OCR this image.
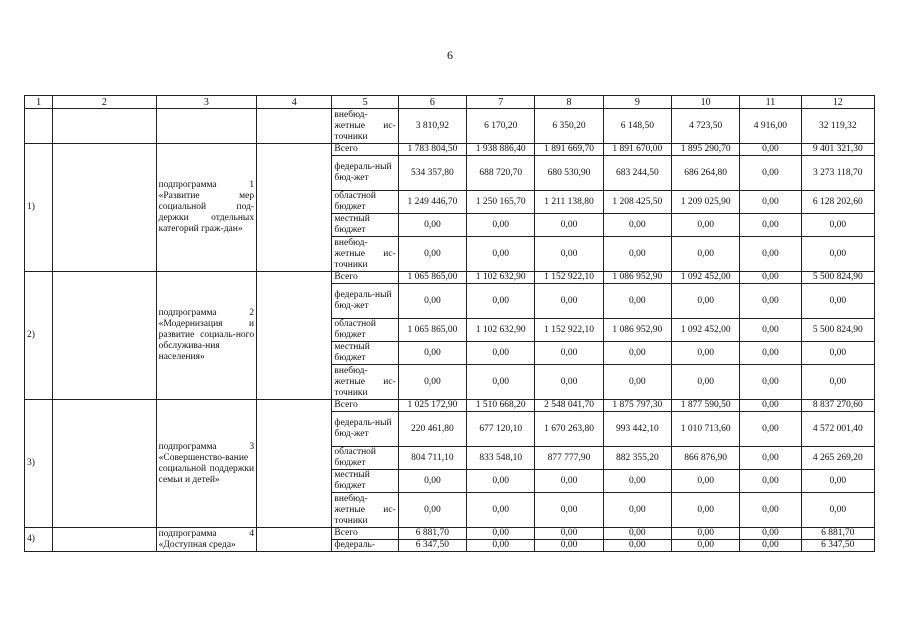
6
1	2	3	4	5	6	7	8	9	10	11	12
				внебюд-жетные ис-точники	3 810,92	6 170,20	6 350,20	6 148,50	4 723,50	4 916,00	32 119,32
1)		подпрограмма 1 «Развитие мер социальной под-держки отдельных категорий граж-дан»		Всего	1 783 804,50	1 938 886,40	1 891 669,70	1 891 670,00	1 895 290,70	0,00	9 401 321,30
				федераль-ный бюд-жет	534 357,80	688 720,70	680 530,90	683 244,50	686 264,80	0,00	3 273 118,70
				областной бюджет	1 249 446,70	1 250 165,70	1 211 138,80	1 208 425,50	1 209 025,90	0,00	6 128 202,60
				местный бюджет	0,00	0,00	0,00	0,00	0,00	0,00	0,00
				внебюд-жетные ис-точники	0,00	0,00	0,00	0,00	0,00	0,00	0,00
2)		подпрограмма 2 «Модернизация и развитие социаль-ного обслужива-ния населения»		Всего	1 065 865,00	1 102 632,90	1 152 922,10	1 086 952,90	1 092 452,00	0,00	5 500 824,90
				федераль-ный бюд-жет	0,00	0,00	0,00	0,00	0,00	0,00	0,00
				областной бюджет	1 065 865,00	1 102 632,90	1 152 922,10	1 086 952,90	1 092 452,00	0,00	5 500 824,90
				местный бюджет	0,00	0,00	0,00	0,00	0,00	0,00	0,00
				внебюд-жетные ис-точники	0,00	0,00	0,00	0,00	0,00	0,00	0,00
3)		подпрограмма 3 «Совершенство-вание социальной поддержки семьи и детей»		Всего	1 025 172,90	1 510 668,20	2 548 041,70	1 875 797,30	1 877 590,50	0,00	8 837 270,60
				федераль-ный бюд-жет	220 461,80	677 120,10	1 670 263,80	993 442,10	1 010 713,60	0,00	4 572 001,40
				областной бюджет	804 711,10	833 548,10	877 777,90	882 355,20	866 876,90	0,00	4 265 269,20
				местный бюджет	0,00	0,00	0,00	0,00	0,00	0,00	0,00
				внебюд-жетные ис-точники	0,00	0,00	0,00	0,00	0,00	0,00	0,00
4)		подпрограмма 4 «Доступная среда»		Всего	6 881,70	0,00	0,00	0,00	0,00	0,00	6 881,70
				федераль-	6 347,50	0,00	0,00	0,00	0,00	0,00	6 347,50
